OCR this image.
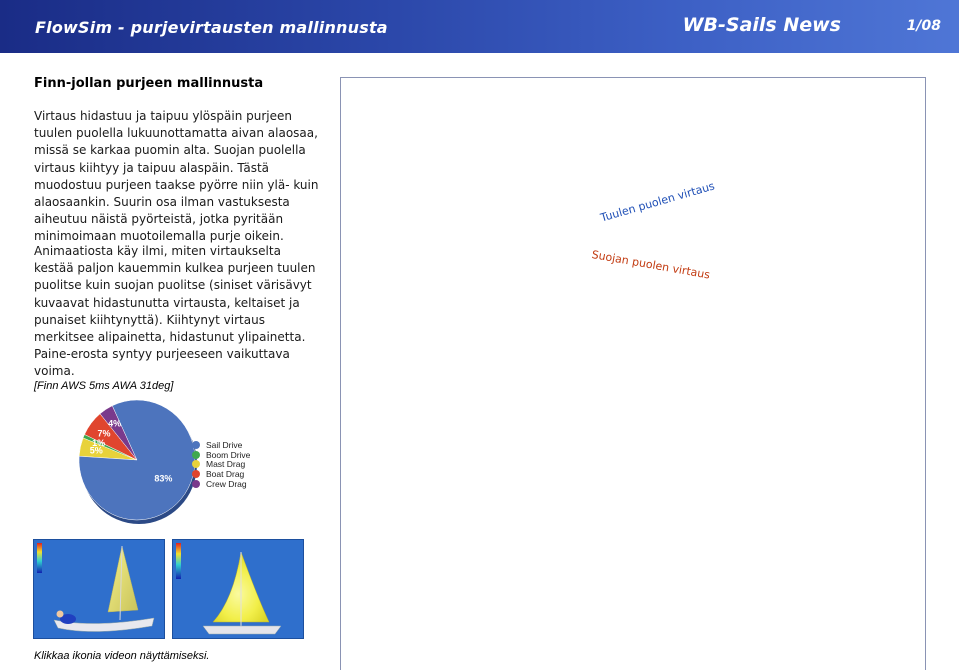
FlowSim - purjevirtausten mallinnusta	WB-Sails News	1/08
Finn-jollan purjeen mallinnusta
Virtaus hidastuu ja taipuu ylöspäin purjeen tuulen puolella lukuunottamatta aivan alaosaa, missä se karkaa puomin alta. Suojan puolella virtaus kiihtyy ja taipuu alaspäin. Tästä muodostuu purjeen taakse pyörre niin ylä- kuin alaosaankin. Suurin osa ilman vastuksesta aiheutuu näistä pyörteistä, jotka pyritään minimoimaan muotoilemalla purje oikein.
Animaatiosta käy ilmi, miten virtaukselta kestää paljon kauemmin kulkea purjeen tuulen puolitse kuin suojan puolitse (siniset värisävyt kuvaavat hidastunutta virtausta, keltaiset ja punaiset kiihtynyttä). Kiihtynyt virtaus merkitsee alipainetta, hidastunut ylipainetta. Paine-erosta syntyy purjeeseen vaikuttava voima.
[Finn AWS 5ms AWA 31deg]
5%
1%
7%
4%
83%
Sail Drive
Boom Drive
Mast Drag
Boat Drag
Crew Drag
Klikkaa ikonia videon näyttämiseksi.
Tuulen puolen virtaus
Suojan puolen virtaus
